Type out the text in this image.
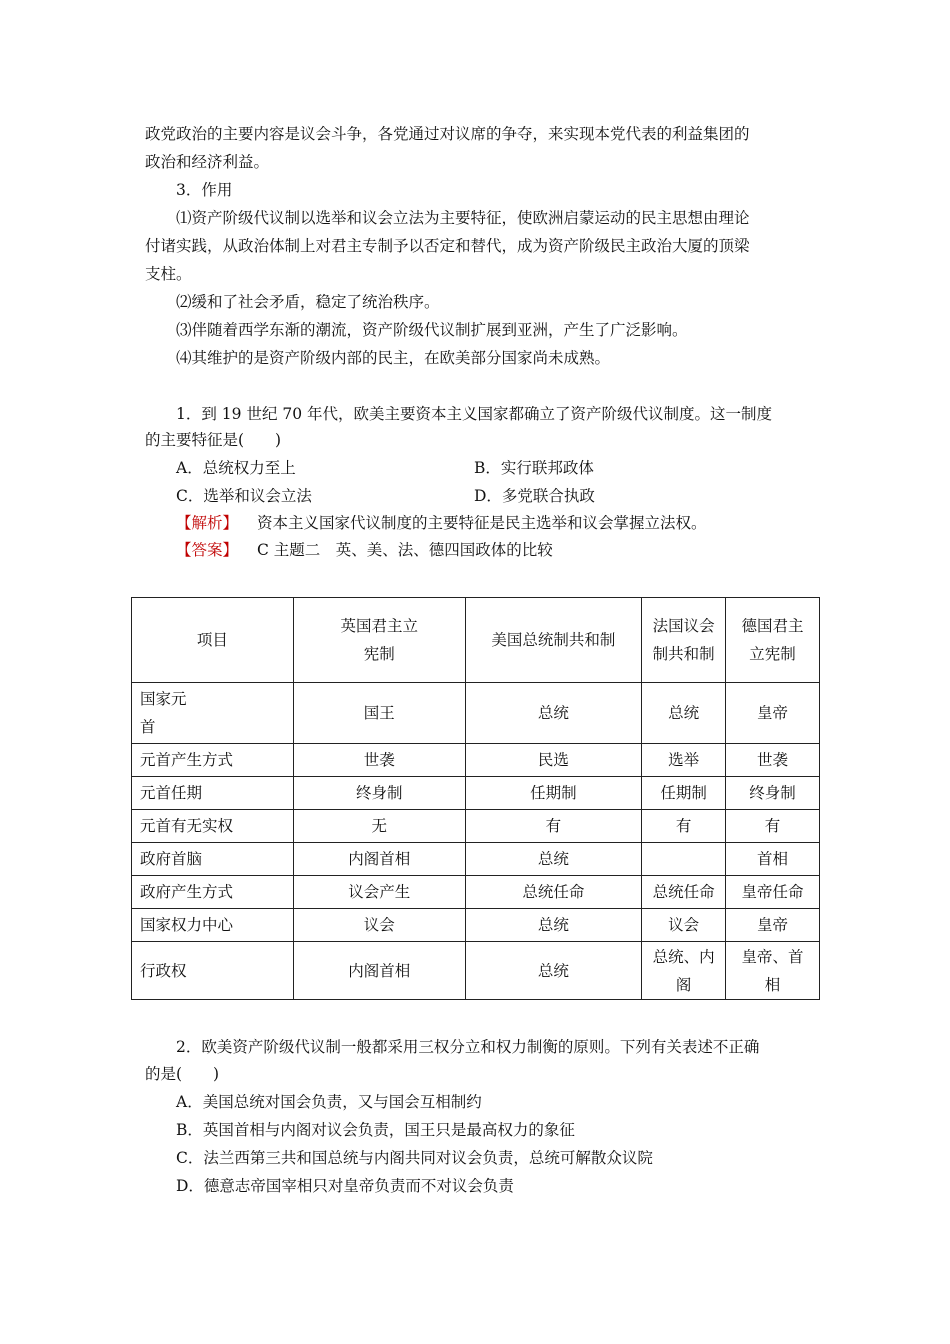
政党政治的主要内容是议会斗争，各党通过对议席的争夺，来实现本党代表的利益集团的
政治和经济利益。
3．作用
⑴资产阶级代议制以选举和议会立法为主要特征，使欧洲启蒙运动的民主思想由理论
付诸实践，从政治体制上对君主专制予以否定和替代，成为资产阶级民主政治大厦的顶梁
支柱。
⑵缓和了社会矛盾，稳定了统治秩序。
⑶伴随着西学东渐的潮流，资产阶级代议制扩展到亚洲，产生了广泛影响。
⑷其维护的是资产阶级内部的民主，在欧美部分国家尚未成熟。
1．到 19 世纪 70 年代，欧美主要资本主义国家都确立了资产阶级代议制度。这一制度
的主要特征是(　　)
A．总统权力至上	B．实行联邦政体
C．选举和议会立法	D．多党联合执政
【解析】 资本主义国家代议制度的主要特征是民主选举和议会掌握立法权。
【答案】 C 主题二　英、美、法、德四国政体的比较
项目	英国君主立宪制	美国总统制共和制	法国议会制共和制	德国君主立宪制
国家元首	国王	总统	总统	皇帝
元首产生方式	世袭	民选	选举	世袭
元首任期	终身制	任期制	任期制	终身制
元首有无实权	无	有	有	有
政府首脑	内阁首相	总统		首相
政府产生方式	议会产生	总统任命	总统任命	皇帝任命
国家权力中心	议会	总统	议会	皇帝
行政权	内阁首相	总统	总统、内阁	皇帝、首相
2．欧美资产阶级代议制一般都采用三权分立和权力制衡的原则。下列有关表述不正确
的是(　　)
A．美国总统对国会负责，又与国会互相制约
B．英国首相与内阁对议会负责，国王只是最高权力的象征
C．法兰西第三共和国总统与内阁共同对议会负责，总统可解散众议院
D．德意志帝国宰相只对皇帝负责而不对议会负责
